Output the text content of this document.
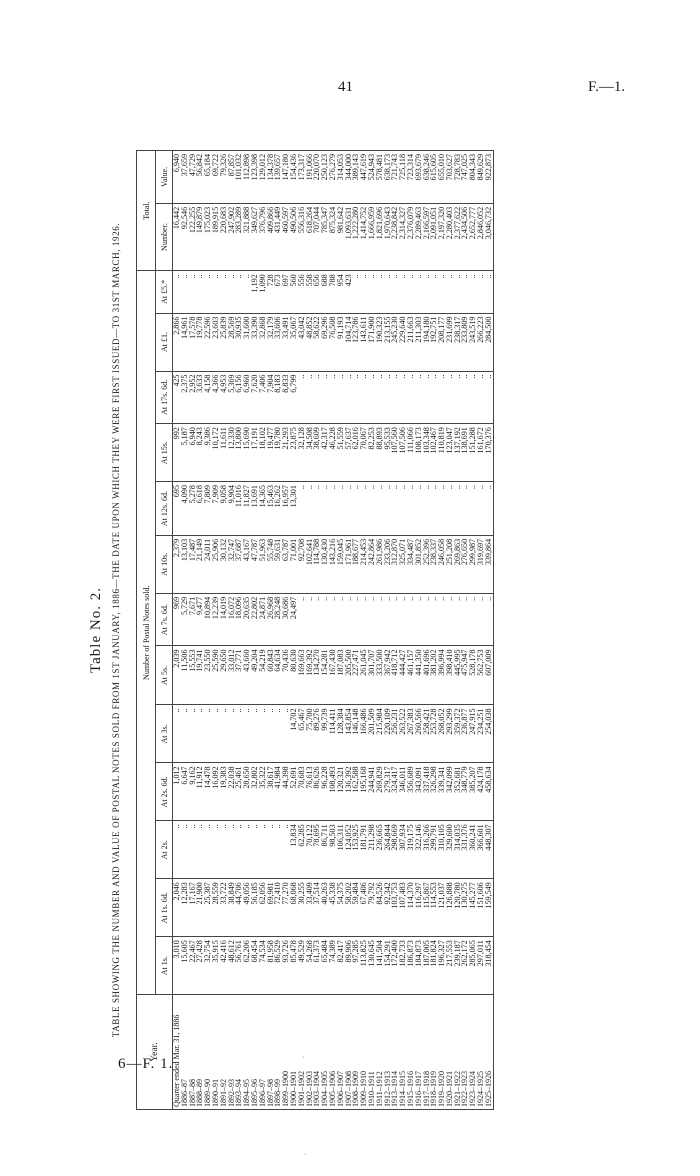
41	F.—1.
6—F. 1.	·
·
Table No. 2. TABLE SHOWING THE NUMBER AND VALUE OF POSTAL NOTES SOLD FROM 1ST JANUARY, 1886—THE DATE UPON WHICH THEY WERE FIRST ISSUED—TO 31ST MARCH, 1926.
Year.	Number of Postal Notes sold.													Total.	
	At 1s.	At 1s. 6d.	At 2s.	At 2s. 6d.	At 3s.	At 5s.	At 7s. 6d.	At 10s.	At 12s. 6d.	At 15s.	At 17s. 6d.	At £1.	At £5.*	Number.	Value.
Quarter ended Mar. 31, 1886	3,010	2,046	..	1,012	..	2,039	969	2,379	695	992	425	2,866	..	16,442	6,940
1886–87	15,605	12,283	..	6,647	..	11,506	5,729	13,103	4,090	5,187	2,375	14,961	..	92,546	37,659
1887–88	22,467	17,167	..	9,162	..	15,553	7,671	17,487	5,278	6,940	2,952	17,578	..	122,255	47,729
1888–89	27,428	21,900	..	11,912	..	19,741	9,477	21,149	6,618	8,243	3,633	19,778	..	149,879	56,842
1889–90	32,754	25,387	..	14,478	..	23,550	10,894	24,011	7,809	9,386	4,158	22,596	..	175,023	65,184
1890–91	35,915	28,559	..	16,092	..	25,590	12,239	25,906	7,909	10,172	4,366	23,603	..	189,915	69,722
1891–92	42,416	33,722	..	19,383	..	29,650	14,019	30,132	9,058	11,611	4,953	25,839	..	220,683	79,326
1892–93	48,612	38,849	..	22,038	..	33,012	16,072	32,747	9,904	12,330	5,369	28,569	..	247,902	87,857
1893–94	56,761	44,706	..	25,461	..	37,771	18,096	37,687	11,016	13,800	6,156	30,935	..	283,289	101,032
1894–95	62,206	49,056	..	28,650	..	43,660	20,635	43,167	11,827	15,690	6,960	31,600	..	321,888	112,898
1895–96	68,454	56,185	..	32,802	..	49,204	22,802	47,787	13,691	17,191	7,620	33,390	1,192	349,627	123,398
1896–97	74,534	62,056	..	35,322	..	54,219	24,871	51,963	14,365	18,102	7,406	32,868	1,090	376,796	129,012
1897–98	81,958	69,981	..	38,617	..	60,843	26,968	55,748	15,463	19,477	7,904	32,179	728	409,866	134,378
1898–99	86,529	72,410	..	41,984	..	64,634	28,248	59,631	16,262	19,780	8,183	33,606	673	431,449	139,657
1899–1900	93,726	77,270	..	44,398	..	70,436	30,686	63,787	16,957	21,293	8,833	33,491	697	460,597	147,180
1900–1901	85,478	68,068	13,834	52,691	14,702	80,630	24,497	71,001	13,301	23,875	6,799	35,067	560	490,506	154,436
1901–1902	49,529	30,255	62,285	70,683	65,467	169,663	..	92,708	..	32,128	..	43,042	556	556,316	173,317
1902–1903	54,268	33,409	70,122	76,613	75,700	169,392	..	102,641	..	34,508	..	48,852	558	618,264	191,066
1903–1904	61,373	37,514	78,695	86,626	89,276	134,270	..	114,788	..	38,609	..	58,622	656	707,044	220,070
1904–1905	65,484	40,263	86,711	96,228	99,739	154,281	..	130,430	..	42,317	..	69,296	688	785,347	250,123
1905–1906	74,389	45,338	98,503	108,493	114,411	167,430	..	143,216	..	46,228	..	76,508	788	875,324	276,279
1906–1907	82,417	54,375	106,311	120,321	128,384	187,083	..	159,045	..	51,559	..	91,193	954	981,642	314,053
1907–1908	89,906	58,202	124,052	136,392	143,854	205,500	..	171,961	..	57,637	..	104,714	423	1,093,631	344,000
1908–1909	97,285	59,484	153,925	162,588	146,148	227,471	..	188,677	..	62,016	..	123,786	..	1,222,280	389,143
1909–1910	113,825	67,406	181,791	195,168	166,486	261,045	..	214,453	..	70,067	..	143,611	..	1,414,752	447,619
1910–1911	130,645	79,792	211,298	244,941	201,509	301,707	..	242,864	..	82,253	..	171,900	..	1,666,959	524,943
1911–1912	141,504	84,526	236,665	269,829	215,984	333,500	..	261,986	..	88,893	..	190,323	..	1,821,696	578,481
1912–1913	154,291	92,342	264,844	279,317	220,109	367,942	..	233,206	..	95,533	..	213,155	..	1,970,643	638,173
1913–1914	172,400	103,753	298,669	324,417	256,231	418,712	..	312,870	..	107,560	..	245,230	..	2,238,842	721,743
1914–1915	182,733	107,483	307,934	346,011	263,522	444,427	..	325,071	..	107,506	..	229,640	..	2,314,327	725,118
1915–1916	186,873	114,370	319,175	356,689	267,383	461,157	..	334,487	..	111,066	..	211,663	..	2,376,079	723,314
1916–1917	184,873	116,297	322,146	343,091	260,566	441,350	..	301,852	..	108,173	..	211,303	..	2,289,463	693,679
1917–1918	187,005	115,867	316,266	337,418	258,421	401,696	..	252,396	..	103,348	..	194,180	..	2,166,597	638,246
1918–1919	181,824	114,553	299,791	326,298	253,728	381,202	..	238,337	..	102,467	..	192,751	..	2,091,051	615,605
1919–1920	196,327	121,037	310,105	339,341	268,052	396,994	..	246,058	..	110,819	..	208,177	..	2,197,320	655,010
1920–1921	217,553	126,888	329,600	342,099	293,299	398,410	..	251,208	..	123,047	..	231,699	..	2,280,403	703,627
1921–1922	239,187	120,780	314,035	352,681	359,372	445,995	..	269,863	..	137,192	..	238,317	..	2,377,622	728,783
1922–1923	262,172	130,275	331,376	348,779	236,877	475,947	..	276,650	..	138,691	..	233,809	..	2,434,506	747,025
1923–1924	285,065	145,277	360,241	385,207	247,915	528,178	..	299,987	..	151,288	..	243,519	..	2,652,777	804,343
1924–1925	297,011	151,606	366,601	424,178	234,251	562,753	..	319,697	..	161,672	..	266,223	..	2,846,052	849,629
1925–1926	318,454	159,549	448,307	458,634	254,038	607,009	..	339,864	..	170,376	..	284,500	..	3,046,732	922,873
